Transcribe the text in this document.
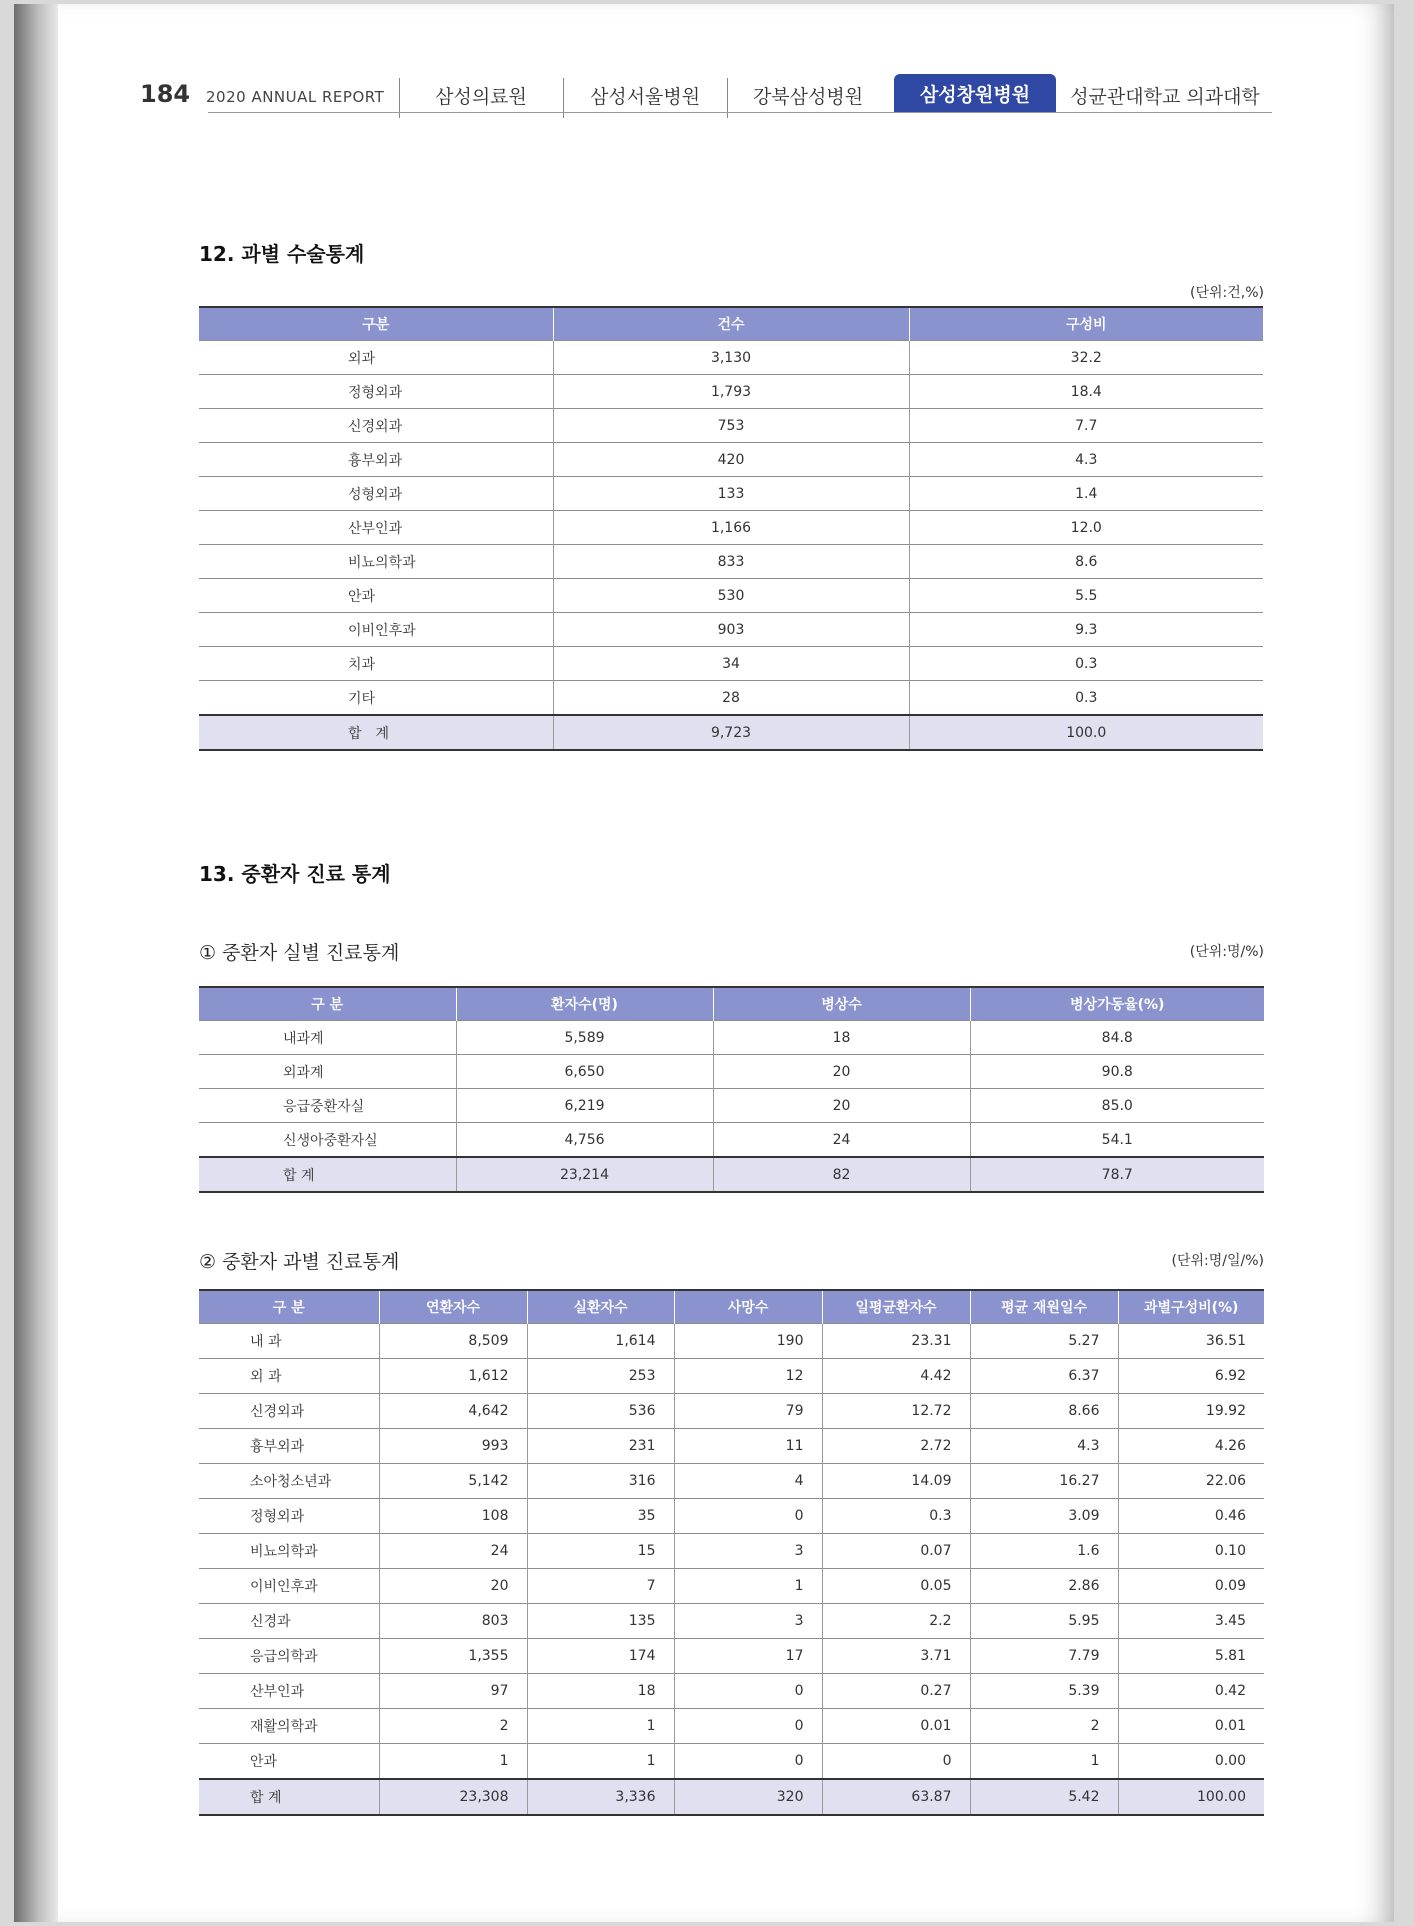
184 2020 ANNUAL REPORT	삼성의료원	삼성서울병원	강북삼성병원	삼성창원병원	성균관대학교 의과대학
12. 과별 수술통계
(단위:건,%)
구분	건수	구성비
외과	3,130	32.2
정형외과	1,793	18.4
신경외과	753	7.7
흉부외과	420	4.3
성형외과	133	1.4
산부인과	1,166	12.0
비뇨의학과	833	8.6
안과	530	5.5
이비인후과	903	9.3
치과	34	0.3
기타	28	0.3
합　계	9,723	100.0
13. 중환자 진료 통계
① 중환자 실별 진료통계	(단위:명/%)
구 분	환자수(명)	병상수	병상가동율(%)
내과계	5,589	18	84.8
외과계	6,650	20	90.8
응급중환자실	6,219	20	85.0
신생아중환자실	4,756	24	54.1
합 계	23,214	82	78.7
② 중환자 과별 진료통계	(단위:명/일/%)
구 분	연환자수	실환자수	사망수	일평균환자수	평균 재원일수	과별구성비(%)
내 과	8,509	1,614	190	23.31	5.27	36.51
외 과	1,612	253	12	4.42	6.37	6.92
신경외과	4,642	536	79	12.72	8.66	19.92
흉부외과	993	231	11	2.72	4.3	4.26
소아청소년과	5,142	316	4	14.09	16.27	22.06
정형외과	108	35	0	0.3	3.09	0.46
비뇨의학과	24	15	3	0.07	1.6	0.10
이비인후과	20	7	1	0.05	2.86	0.09
신경과	803	135	3	2.2	5.95	3.45
응급의학과	1,355	174	17	3.71	7.79	5.81
산부인과	97	18	0	0.27	5.39	0.42
재활의학과	2	1	0	0.01	2	0.01
안과	1	1	0	0	1	0.00
합 계	23,308	3,336	320	63.87	5.42	100.00
